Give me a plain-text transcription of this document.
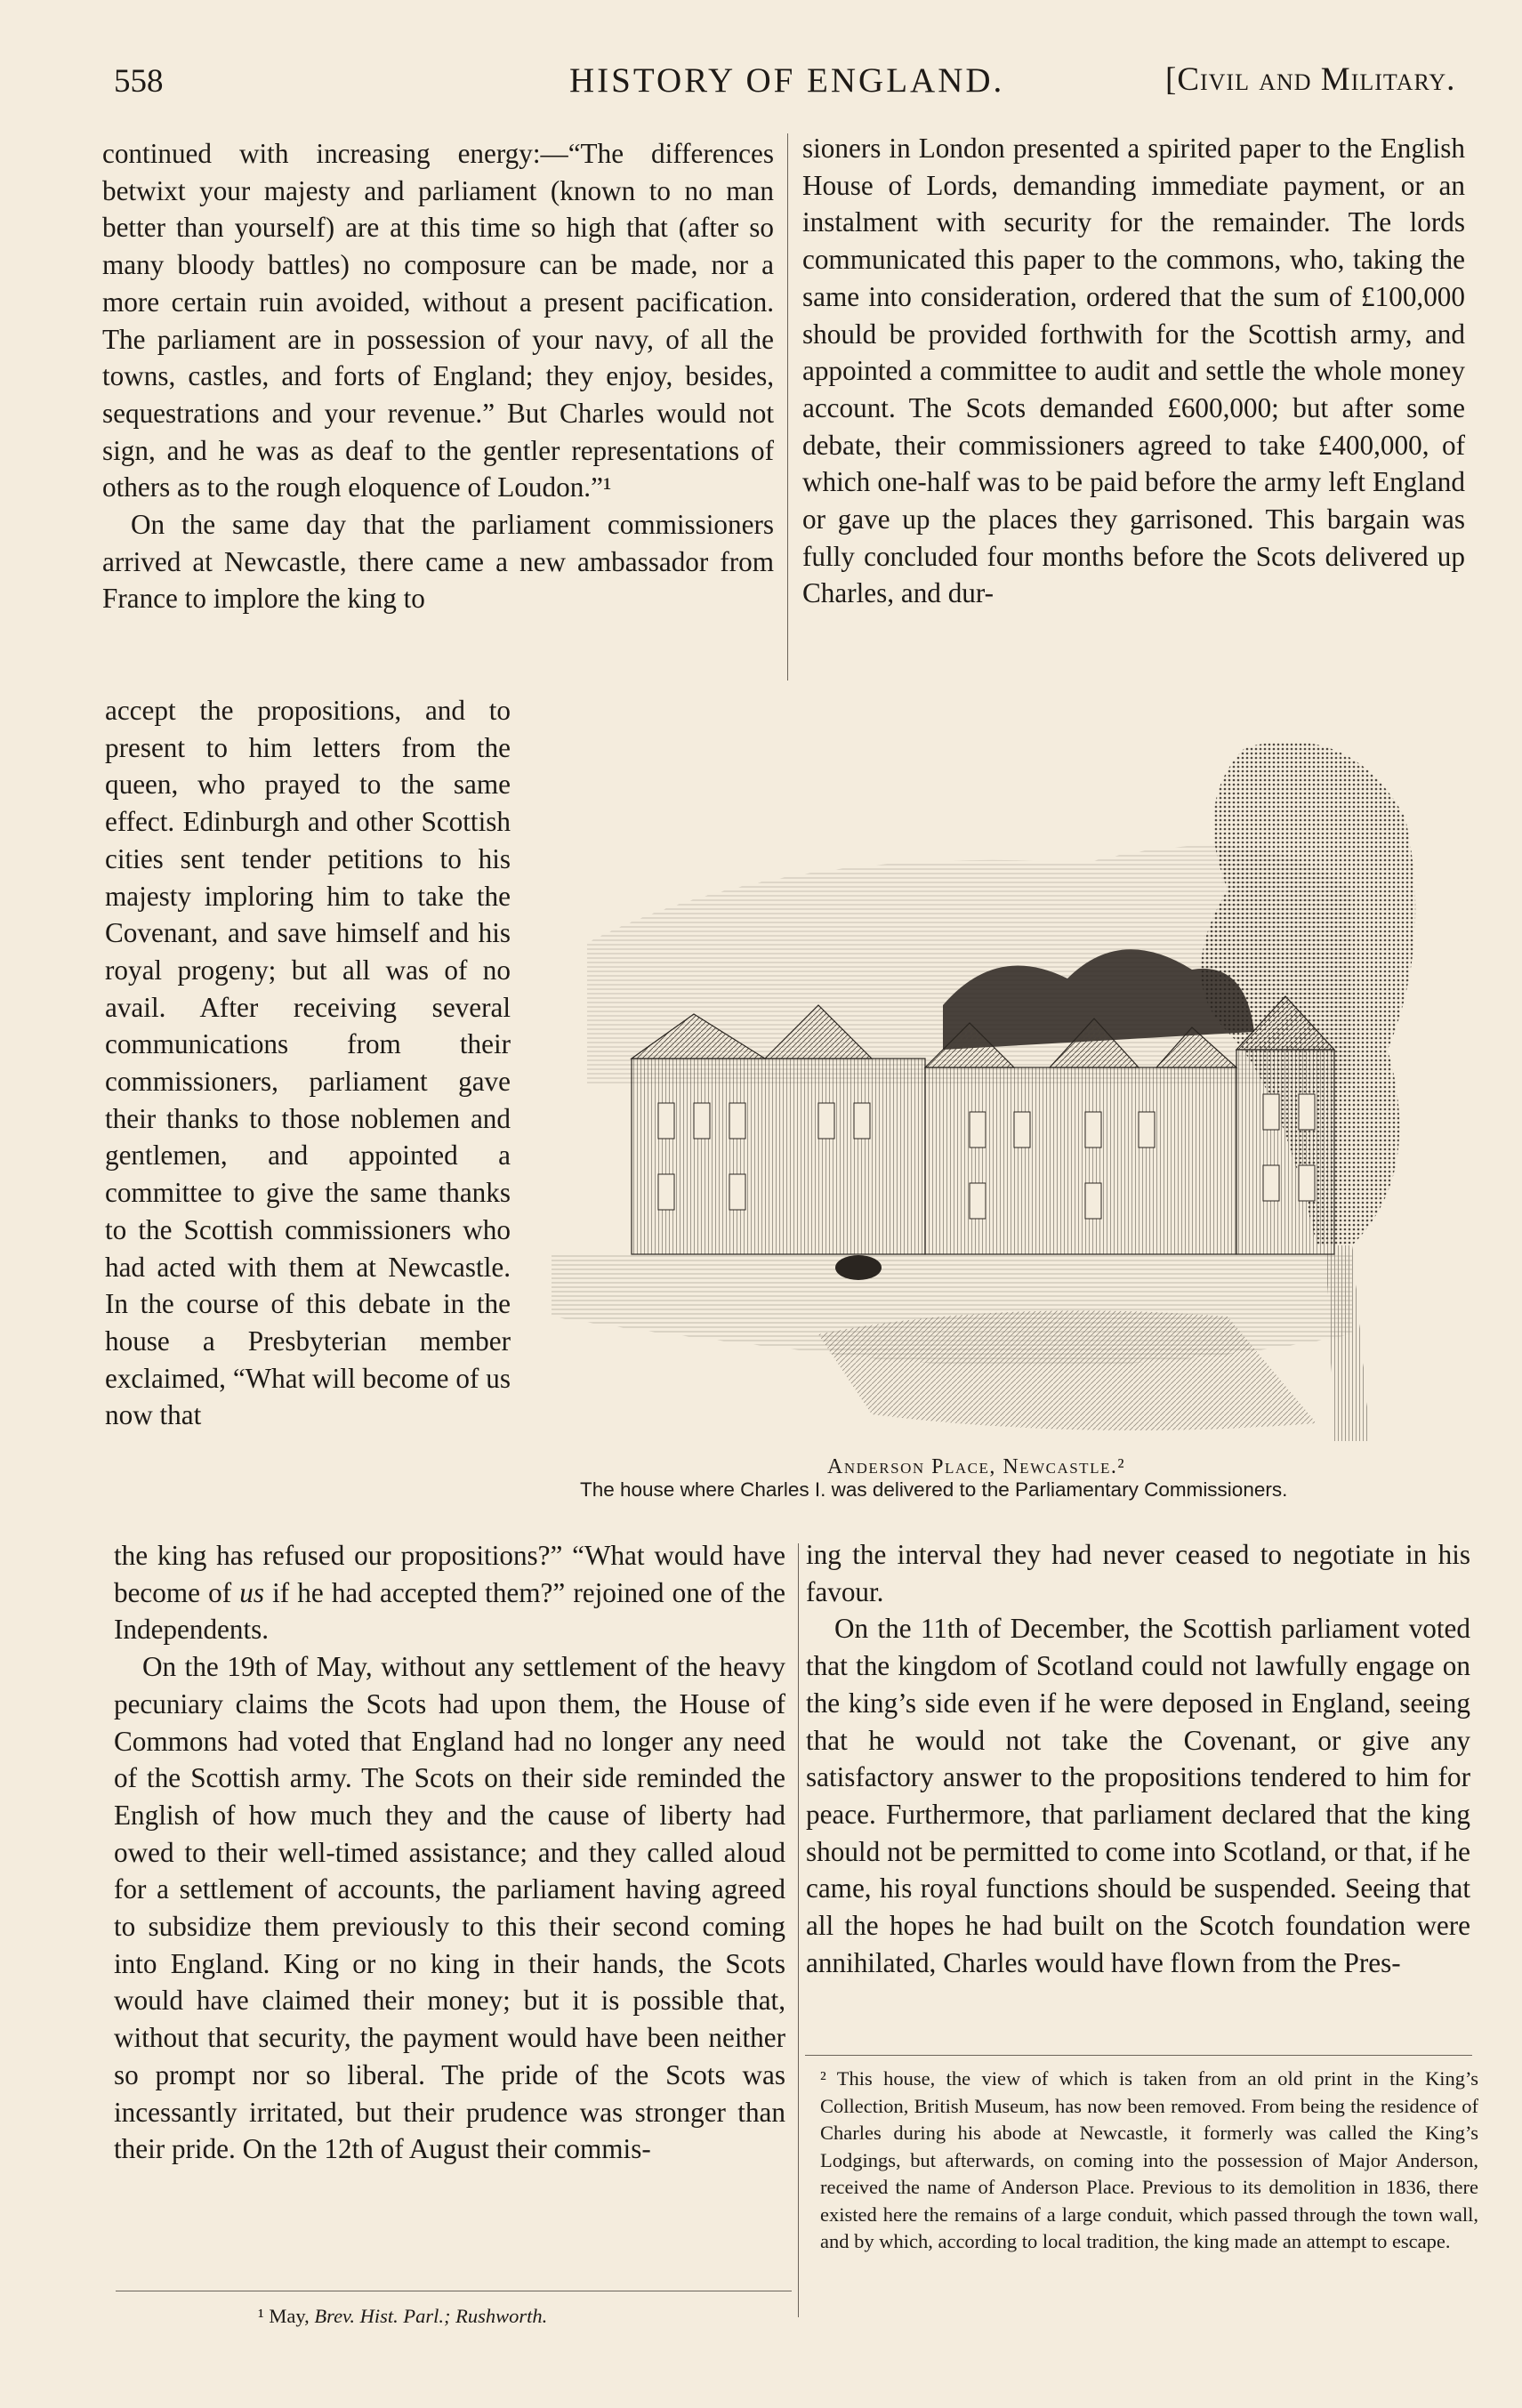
558	HISTORY OF ENGLAND.	[Civil and Military.

continued with increasing energy:—“The differences betwixt your majesty and parliament (known to no man better than yourself) are at this time so high that (after so many bloody battles) no composure can be made, nor a more certain ruin avoided, without a present pacification. The parliament are in possession of your navy, of all the towns, castles, and forts of England; they enjoy, besides, sequestrations and your revenue.” But Charles would not sign, and he was as deaf to the gentler representations of others as to the rough eloquence of Loudon.”¹

On the same day that the parliament commissioners arrived at Newcastle, there came a new ambassador from France to implore the king to

accept the propositions, and to present to him letters from the queen, who prayed to the same effect. Edinburgh and other Scottish cities sent tender petitions to his majesty imploring him to take the Covenant, and save himself and his royal progeny; but all was of no avail. After receiving several communications from their commissioners, parliament gave their thanks to those noblemen and gentlemen, and appointed a committee to give the same thanks to the Scottish commissioners who had acted with them at Newcastle. In the course of this debate in the house a Presbyterian member exclaimed, “What will become of us now that

the king has refused our propositions?” “What would have become of us if he had accepted them?” rejoined one of the Independents.

On the 19th of May, without any settlement of the heavy pecuniary claims the Scots had upon them, the House of Commons had voted that England had no longer any need of the Scottish army. The Scots on their side reminded the English of how much they and the cause of liberty had owed to their well-timed assistance; and they called aloud for a settlement of accounts, the parliament having agreed to subsidize them previously to this their second coming into England. King or no king in their hands, the Scots would have claimed their money; but it is possible that, without that security, the payment would have been neither so prompt nor so liberal. The pride of the Scots was incessantly irritated, but their prudence was stronger than their pride. On the 12th of August their commis-

sioners in London presented a spirited paper to the English House of Lords, demanding immediate payment, or an instalment with security for the remainder. The lords communicated this paper to the commons, who, taking the same into consideration, ordered that the sum of £100,000 should be provided forthwith for the Scottish army, and appointed a committee to audit and settle the whole money account. The Scots demanded £600,000; but after some debate, their commissioners agreed to take £400,000, of which one-half was to be paid before the army left England or gave up the places they garrisoned. This bargain was fully concluded four months before the Scots delivered up Charles, and dur-

Anderson Place, Newcastle.²
The house where Charles I. was delivered to the Parliamentary Commissioners.

ing the interval they had never ceased to negotiate in his favour.

On the 11th of December, the Scottish parliament voted that the kingdom of Scotland could not lawfully engage on the king’s side even if he were deposed in England, seeing that he would not take the Covenant, or give any satisfactory answer to the propositions tendered to him for peace. Furthermore, that parliament declared that the king should not be permitted to come into Scotland, or that, if he came, his royal functions should be suspended. Seeing that all the hopes he had built on the Scotch foundation were annihilated, Charles would have flown from the Pres-

¹ May, Brev. Hist. Parl.; Rushworth.

² This house, the view of which is taken from an old print in the King’s Collection, British Museum, has now been removed. From being the residence of Charles during his abode at Newcastle, it formerly was called the King’s Lodgings, but afterwards, on coming into the possession of Major Anderson, received the name of Anderson Place. Previous to its demolition in 1836, there existed here the remains of a large conduit, which passed through the town wall, and by which, according to local tradition, the king made an attempt to escape.
